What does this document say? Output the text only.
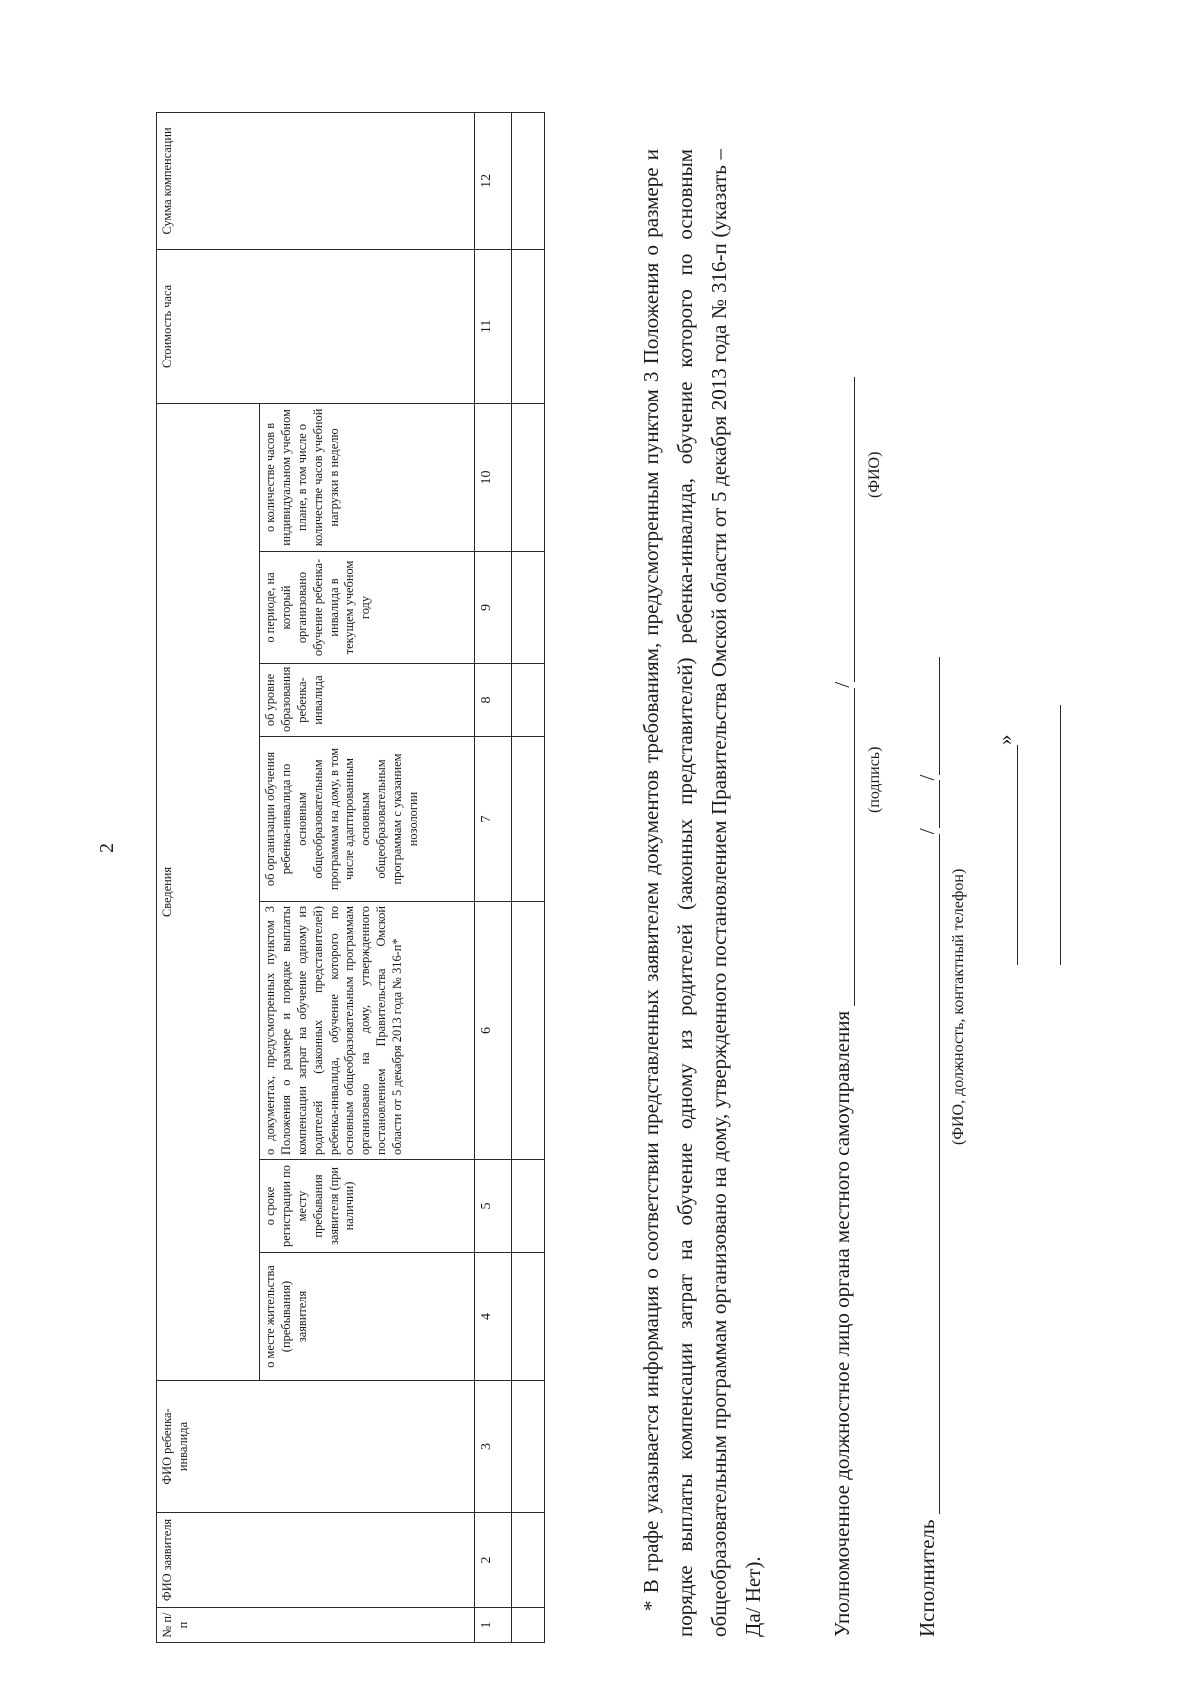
2
№ п/п	ФИО заявителя	ФИО ребенка-инвалида	Сведения							Стоимость часа	Сумма компенсации
			о месте жительства (пребывания) заявителя	о сроке регистрации по месту пребывания заявителя (при наличии)	о документах, предусмотренных пунктом 3 Положения о размере и порядке выплаты компенсации затрат на обучение одному из родителей (законных представителей) ребенка-инвалида, обучение которого по основным общеобразовательным программам организовано на дому, утвержденного постановлением Правительства Омской области от 5 декабря 2013 года № 316-п*	об организации обучения ребенка-инвалида по основным общеобразовательным программам на дому, в том числе адаптированным основным общеобразовательным программам с указанием нозологии	об уровне образования ребенка-инвалида	о периоде, на который организовано обучение ребенка-инвалида в текущем учебном году	о количестве часов в индивидуальном учебном плане, в том числе о количестве часов учебной нагрузки в неделю		
1	2	3	4	5	6	7	8	9	10	11	12
												* В графе указывается информация о соответствии представленных заявителем документов требованиям, предусмотренным пунктом 3 Положения о размере и порядке выплаты компенсации затрат на обучение одному из родителей (законных представителей) ребенка-инвалида, обучение которого по основным общеобразовательным программам организовано на дому, утвержденного постановлением Правительства Омской области от 5 декабря 2013 года № 316-п (указать – Да/ Нет).	Уполномоченное должностное лицо органа местного самоуправления /
(подпись)
(ФИО)
Исполнитель //
(ФИО, должность, контактный телефон)
»
